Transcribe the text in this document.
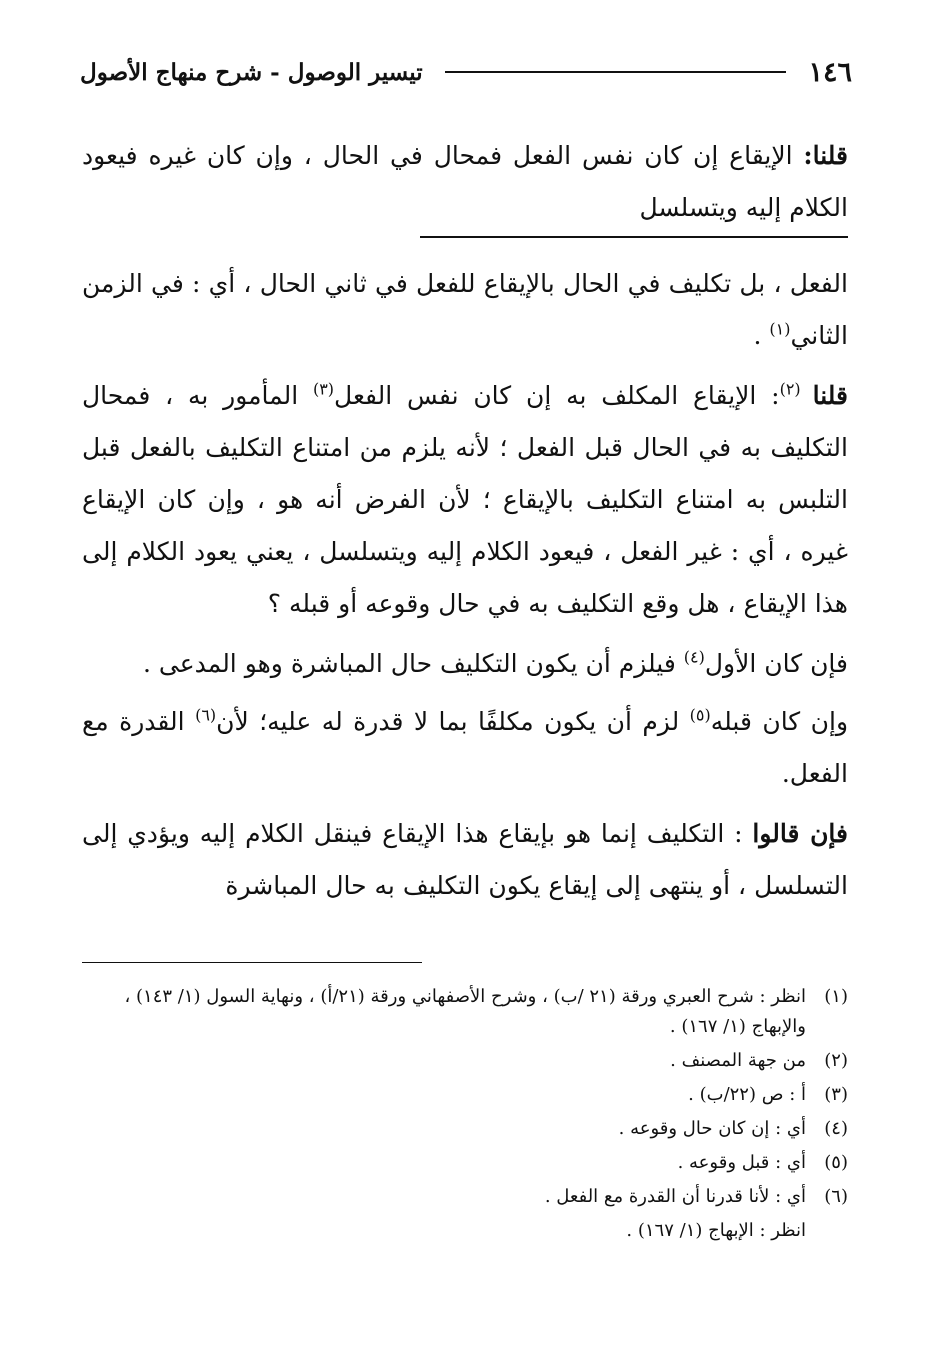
١٤٦
تيسير الوصول - شرح منهاج الأصول

قلنا: الإيقاع إن كان نفس الفعل فمحال في الحال ، وإن كان غيره فيعود الكلام إليه ويتسلسل

الفعل ، بل تكليف في الحال بالإيقاع للفعل في ثاني الحال ، أي : في الزمن الثاني$^{(١)}$ .

قلنا $^{(٢)}$: الإيقاع المكلف به إن كان نفس الفعل$^{(٣)}$ المأمور به ، فمحال التكليف به في الحال قبل الفعل ؛ لأنه يلزم من امتناع التكليف بالفعل قبل التلبس به امتناع التكليف بالإيقاع ؛ لأن الفرض أنه هو ، وإن كان الإيقاع غيره ، أي : غير الفعل ، فيعود الكلام إليه ويتسلسل ، يعني يعود الكلام إلى هذا الإيقاع ، هل وقع التكليف به في حال وقوعه أو قبله ؟

فإن كان الأول$^{(٤)}$ فيلزم أن يكون التكليف حال المباشرة وهو المدعى .

وإن كان قبله$^{(٥)}$ لزم أن يكون مكلفًا بما لا قدرة له عليه؛ لأن$^{(٦)}$ القدرة مع الفعل.

فإن قالوا : التكليف إنما هو بإيقاع هذا الإيقاع فينقل الكلام إليه ويؤدي إلى التسلسل ، أو ينتهى إلى إيقاع يكون التكليف به حال المباشرة

(١)
انظر : شرح العبري ورقة (٢١ /ب) ، وشرح الأصفهاني ورقة (٢١/أ) ، ونهاية السول (١/ ١٤٣) ، والإبهاج (١/ ١٦٧) .
(٢)
من جهة المصنف .
(٣)
أ : ص (٢٢/ب) .
(٤)
أي : إن كان حال وقوعه .
(٥)
أي : قبل وقوعه .
(٦)
أي : لأنا قدرنا أن القدرة مع الفعل .
انظر : الإبهاج (١/ ١٦٧) .
